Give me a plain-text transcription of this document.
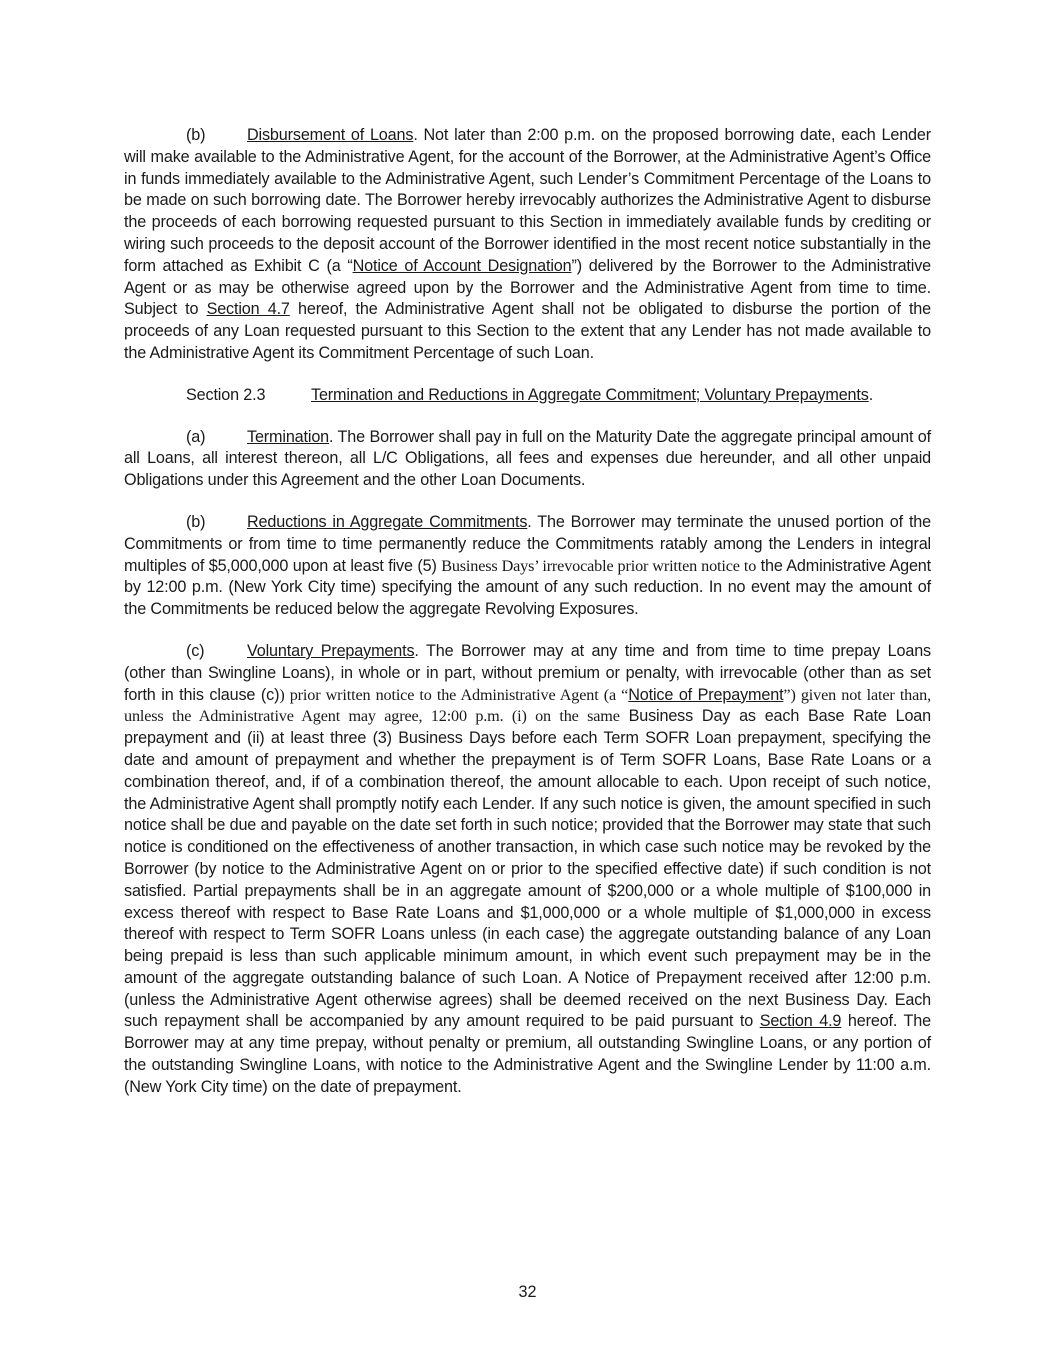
(b)	Disbursement of Loans. Not later than 2:00 p.m. on the proposed borrowing date, each Lender will make available to the Administrative Agent, for the account of the Borrower, at the Administrative Agent’s Office in funds immediately available to the Administrative Agent, such Lender’s Commitment Percentage of the Loans to be made on such borrowing date. The Borrower hereby irrevocably authorizes the Administrative Agent to disburse the proceeds of each borrowing requested pursuant to this Section in immediately available funds by crediting or wiring such proceeds to the deposit account of the Borrower identified in the most recent notice substantially in the form attached as Exhibit C (a “Notice of Account Designation”) delivered by the Borrower to the Administrative Agent or as may be otherwise agreed upon by the Borrower and the Administrative Agent from time to time. Subject to Section 4.7 hereof, the Administrative Agent shall not be obligated to disburse the portion of the proceeds of any Loan requested pursuant to this Section to the extent that any Lender has not made available to the Administrative Agent its Commitment Percentage of such Loan.

Section 2.3	Termination and Reductions in Aggregate Commitment; Voluntary Prepayments.

(a)	Termination. The Borrower shall pay in full on the Maturity Date the aggregate principal amount of all Loans, all interest thereon, all L/C Obligations, all fees and expenses due hereunder, and all other unpaid Obligations under this Agreement and the other Loan Documents.

(b)	Reductions in Aggregate Commitments. The Borrower may terminate the unused portion of the Commitments or from time to time permanently reduce the Commitments ratably among the Lenders in integral multiples of $5,000,000 upon at least five (5) Business Days’ irrevocable prior written notice to the Administrative Agent by 12:00 p.m. (New York City time) specifying the amount of any such reduction. In no event may the amount of the Commitments be reduced below the aggregate Revolving Exposures.

(c)	Voluntary Prepayments. The Borrower may at any time and from time to time prepay Loans (other than Swingline Loans), in whole or in part, without premium or penalty, with irrevocable (other than as set forth in this clause (c)) prior written notice to the Administrative Agent (a “Notice of Prepayment”) given not later than, unless the Administrative Agent may agree, 12:00 p.m. (i) on the same Business Day as each Base Rate Loan prepayment and (ii) at least three (3) Business Days before each Term SOFR Loan prepayment, specifying the date and amount of prepayment and whether the prepayment is of Term SOFR Loans, Base Rate Loans or a combination thereof, and, if of a combination thereof, the amount allocable to each. Upon receipt of such notice, the Administrative Agent shall promptly notify each Lender. If any such notice is given, the amount specified in such notice shall be due and payable on the date set forth in such notice; provided that the Borrower may state that such notice is conditioned on the effectiveness of another transaction, in which case such notice may be revoked by the Borrower (by notice to the Administrative Agent on or prior to the specified effective date) if such condition is not satisfied. Partial prepayments shall be in an aggregate amount of $200,000 or a whole multiple of $100,000 in excess thereof with respect to Base Rate Loans and $1,000,000 or a whole multiple of $1,000,000 in excess thereof with respect to Term SOFR Loans unless (in each case) the aggregate outstanding balance of any Loan being prepaid is less than such applicable minimum amount, in which event such prepayment may be in the amount of the aggregate outstanding balance of such Loan. A Notice of Prepayment received after 12:00 p.m. (unless the Administrative Agent otherwise agrees) shall be deemed received on the next Business Day. Each such repayment shall be accompanied by any amount required to be paid pursuant to Section 4.9 hereof. The Borrower may at any time prepay, without penalty or premium, all outstanding Swingline Loans, or any portion of the outstanding Swingline Loans, with notice to the Administrative Agent and the Swingline Lender by 11:00 a.m. (New York City time) on the date of prepayment.

32
